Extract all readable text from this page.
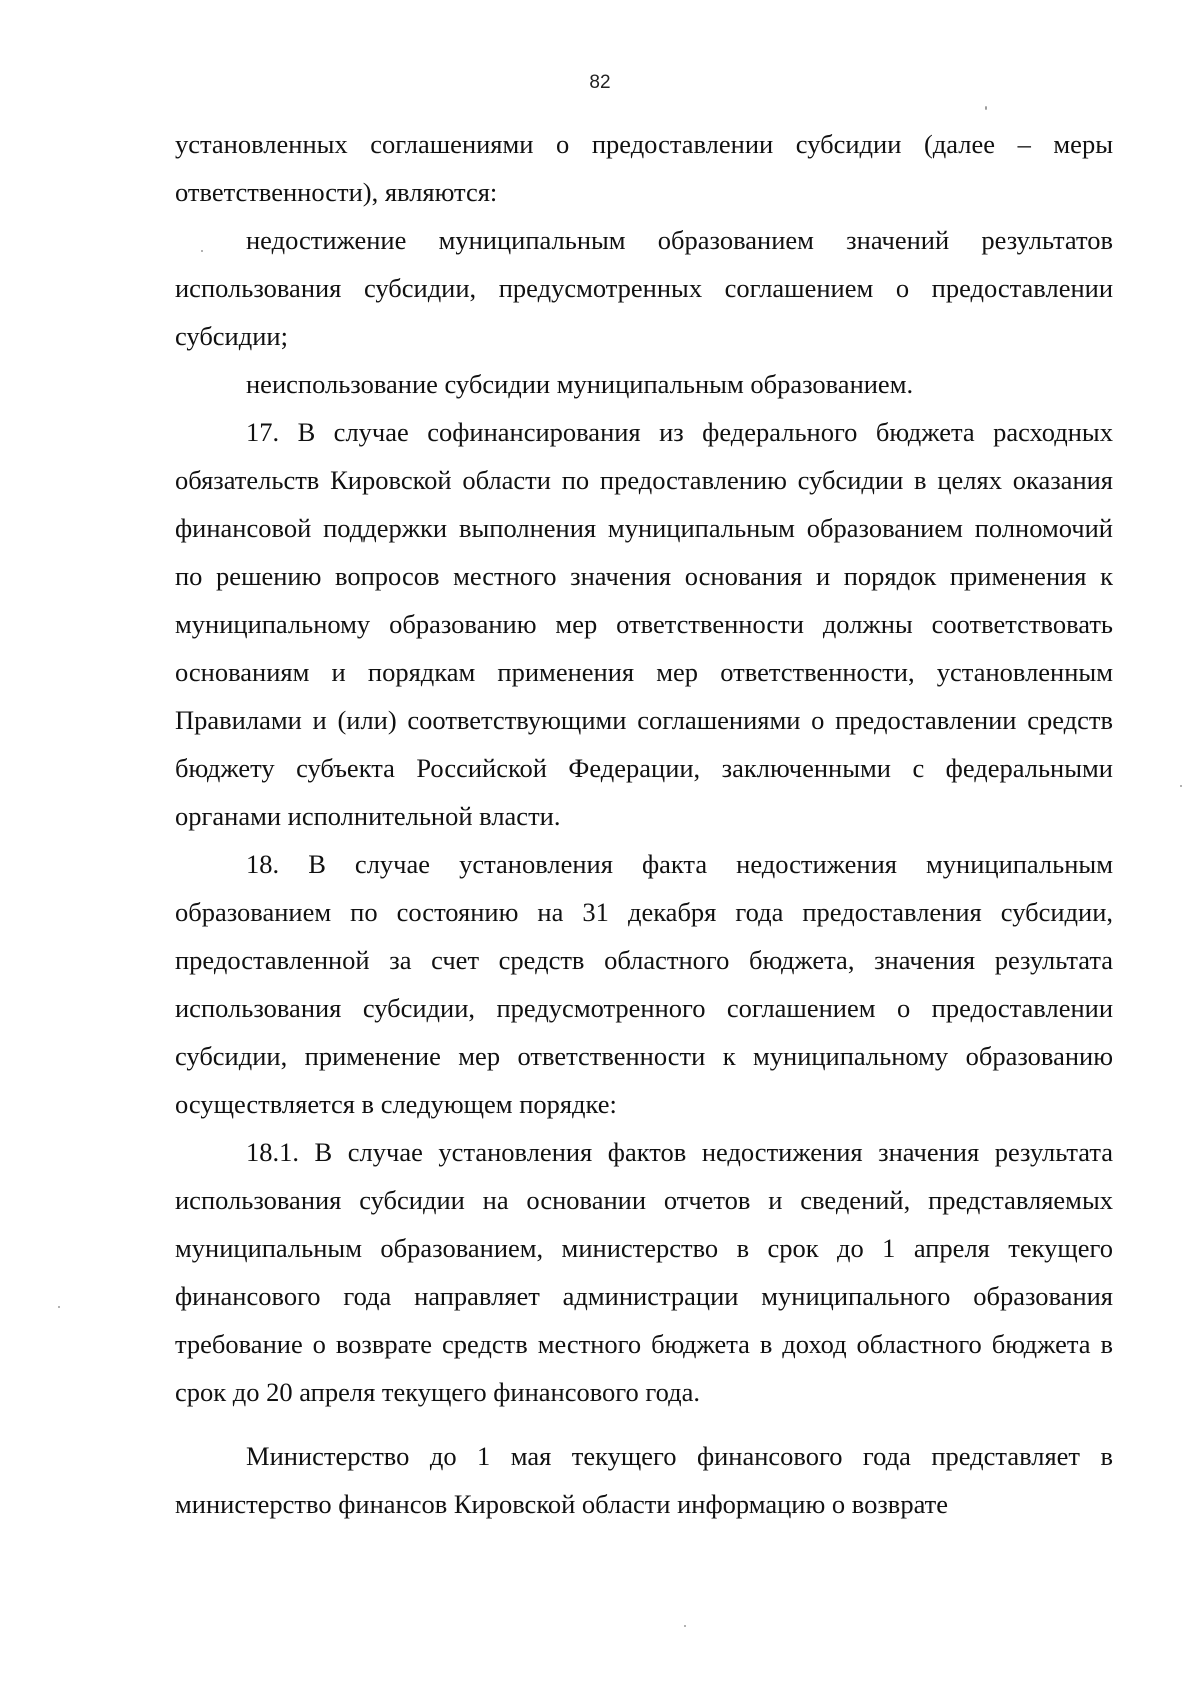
82

установленных соглашениями о предоставлении субсидии (далее – меры ответственности), являются:

недостижение муниципальным образованием значений результатов использования субсидии, предусмотренных соглашением о предоставлении субсидии;

неиспользование субсидии муниципальным образованием.

17. В случае софинансирования из федерального бюджета расходных обязательств Кировской области по предоставлению субсидии в целях оказания финансовой поддержки выполнения муниципальным образованием полномочий по решению вопросов местного значения основания и порядок применения к муниципальному образованию мер ответственности должны соответствовать основаниям и порядкам применения мер ответственности, установленным Правилами и (или) соответствующими соглашениями о предоставлении средств бюджету субъекта Российской Федерации, заключенными с федеральными органами исполнительной власти.

18. В случае установления факта недостижения муниципальным образованием по состоянию на 31 декабря года предоставления субсидии, предоставленной за счет средств областного бюджета, значения результата использования субсидии, предусмотренного соглашением о предоставлении субсидии, применение мер ответственности к муниципальному образованию осуществляется в следующем порядке:

18.1. В случае установления фактов недостижения значения результата использования субсидии на основании отчетов и сведений, представляемых муниципальным образованием, министерство в срок до 1 апреля текущего финансового года направляет администрации муниципального образования требование о возврате средств местного бюджета в доход областного бюджета в срок до 20 апреля текущего финансового года.

Министерство до 1 мая текущего финансового года представляет в министерство финансов Кировской области информацию о возврате
